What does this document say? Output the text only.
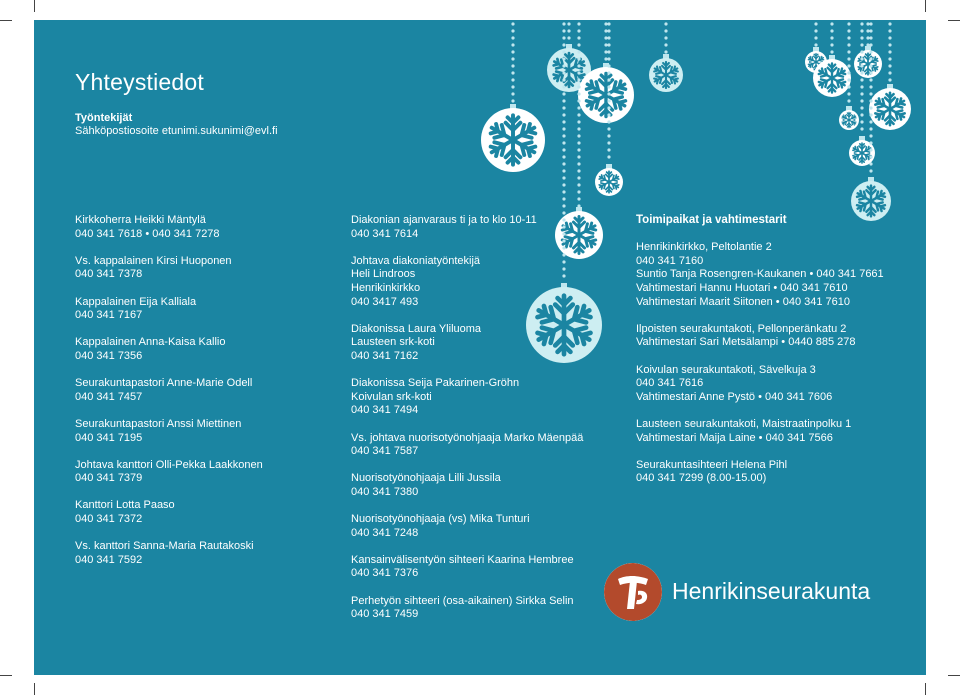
Yhteystiedot
Työntekijät
Sähköpostiosoite etunimi.sukunimi@evl.fi
Kirkkoherra Heikki Mäntylä
040 341 7618 • 040 341 7278
Vs. kappalainen Kirsi Huoponen
040 341 7378
Kappalainen Eija Kalliala
040 341 7167
Kappalainen Anna-Kaisa Kallio
040 341 7356
Seurakuntapastori Anne-Marie Odell
040 341 7457
Seurakuntapastori Anssi Miettinen
040 341 7195
Johtava kanttori Olli-Pekka Laakkonen
040 341 7379
Kanttori Lotta Paaso
040 341 7372
Vs. kanttori Sanna-Maria Rautakoski
040 341 7592
Diakonian ajanvaraus ti ja to klo 10-11
040 341 7614
Johtava diakoniatyöntekijä
Heli Lindroos
Henrikinkirkko
040 3417 493
Diakonissa Laura Yliluoma
Lausteen srk-koti
040 341 7162
Diakonissa Seija Pakarinen-Gröhn
Koivulan srk-koti
040 341 7494
Vs. johtava nuorisotyönohjaaja Marko Mäenpää
040 341 7587
Nuorisotyönohjaaja Lilli Jussila
040 341 7380
Nuorisotyönohjaaja (vs) Mika Tunturi
040 341 7248
Kansainvälisentyön sihteeri Kaarina Hembree
040 341 7376
Perhetyön sihteeri (osa-aikainen) Sirkka Selin
040 341 7459
Toimipaikat ja vahtimestarit
Henrikinkirkko, Peltolantie 2
040 341 7160
Suntio Tanja Rosengren-Kaukanen • 040 341 7661
Vahtimestari Hannu Huotari • 040 341 7610
Vahtimestari Maarit Siitonen • 040 341 7610
Ilpoisten seurakuntakoti, Pellonperänkatu 2
Vahtimestari Sari Metsälampi • 0440 885 278
Koivulan seurakuntakoti, Sävelkuja 3
040 341 7616
Vahtimestari Anne Pystö • 040 341 7606
Lausteen seurakuntakoti, Maistraatinpolku 1
Vahtimestari Maija Laine • 040 341 7566
Seurakuntasihteeri Helena Pihl
040 341 7299 (8.00-15.00)
Henrikinseurakunta
